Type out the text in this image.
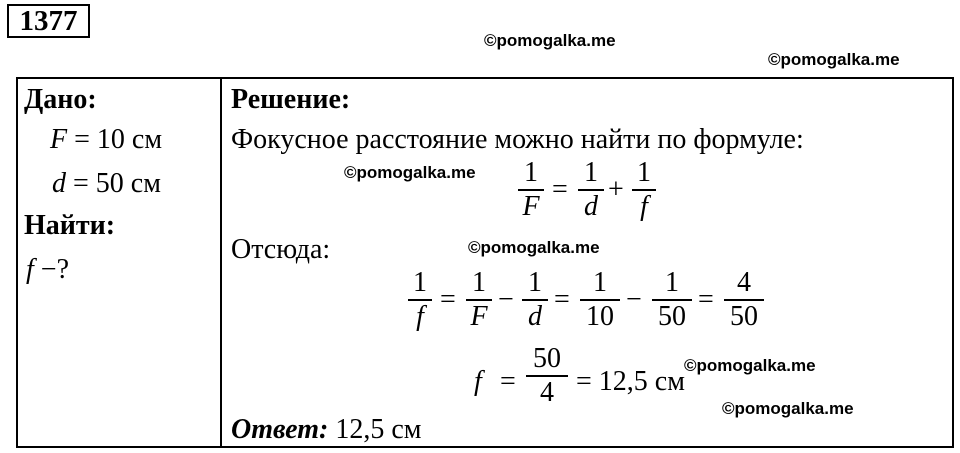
1377
©pomogalka.me
©pomogalka.me
©pomogalka.me
©pomogalka.me
©pomogalka.me
©pomogalka.me
Дано:
F = 10 см
d = 50 см
Найти:
f −?
Решение:
Фокусное расстояние можно найти по формуле:
1
F
=
1
d
+
1
f
Отсюда:
1
f
=
1
F
−
1
d
=
1
10
−
1
50
=
4
50
f =
50
4 = 12,5 см
Ответ: 12,5 см
